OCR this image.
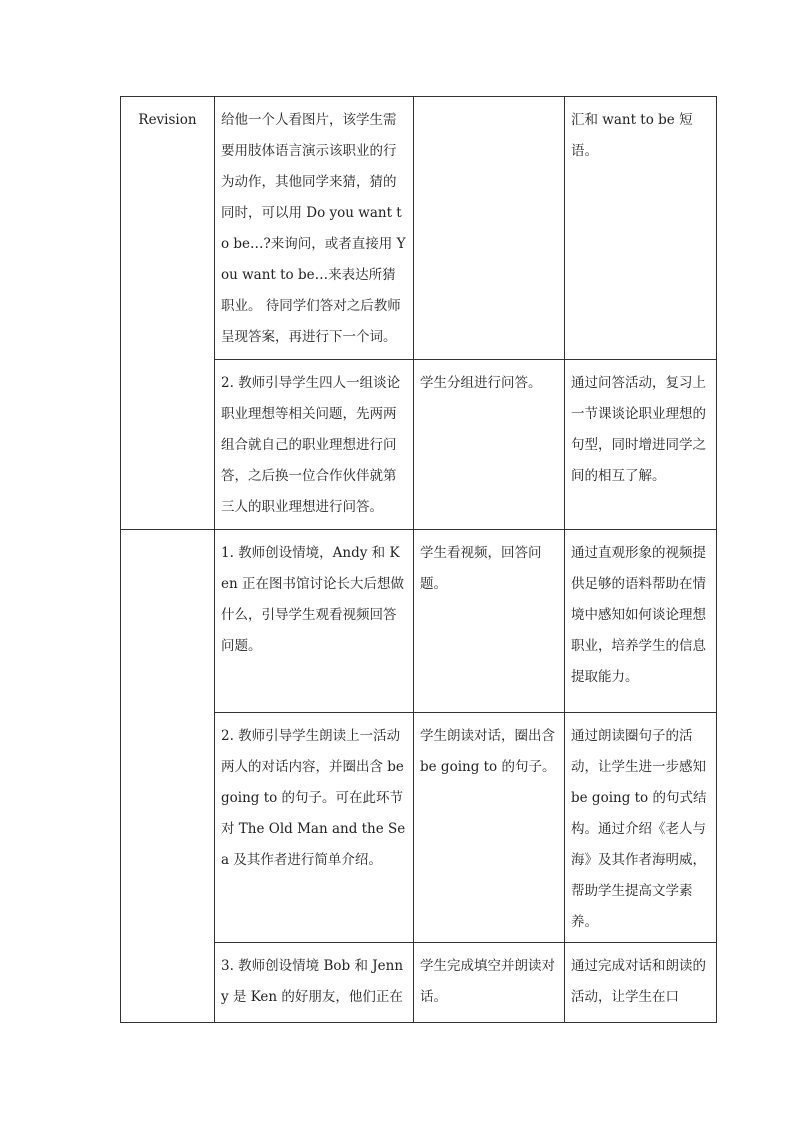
Revision	给他一个人看图片，该学生需要用肢体语言演示该职业的行为动作，其他同学来猜，猜的同时，可以用 Do you want to be…?来询问，或者直接用 You want to be…来表达所猜职业。 待同学们答对之后教师呈现答案，再进行下一个词。		汇和 want to be 短语。

	2. 教师引导学生四人一组谈论职业理想等相关问题，先两两组合就自己的职业理想进行问答，之后换一位合作伙伴就第三人的职业理想进行问答。	学生分组进行问答。	通过问答活动，复习上一节课谈论职业理想的句型，同时增进同学之间的相互了解。

	1. 教师创设情境，Andy 和 Ken 正在图书馆讨论长大后想做什么，引导学生观看视频回答问题。	学生看视频，回答问题。	通过直观形象的视频提供足够的语料帮助在情境中感知如何谈论理想职业，培养学生的信息提取能力。

	2. 教师引导学生朗读上一活动两人的对话内容，并圈出含 be going to 的句子。可在此环节对 The Old Man and the Sea 及其作者进行简单介绍。	学生朗读对话，圈出含 be going to 的句子。	通过朗读圈句子的活动，让学生进一步感知 be going to 的句式结构。通过介绍《老人与海》及其作者海明威，帮助学生提高文学素养。

	3. 教师创设情境 Bob 和 Jenny 是 Ken 的好朋友，他们正在	学生完成填空并朗读对话。	通过完成对话和朗读的活动，让学生在口
